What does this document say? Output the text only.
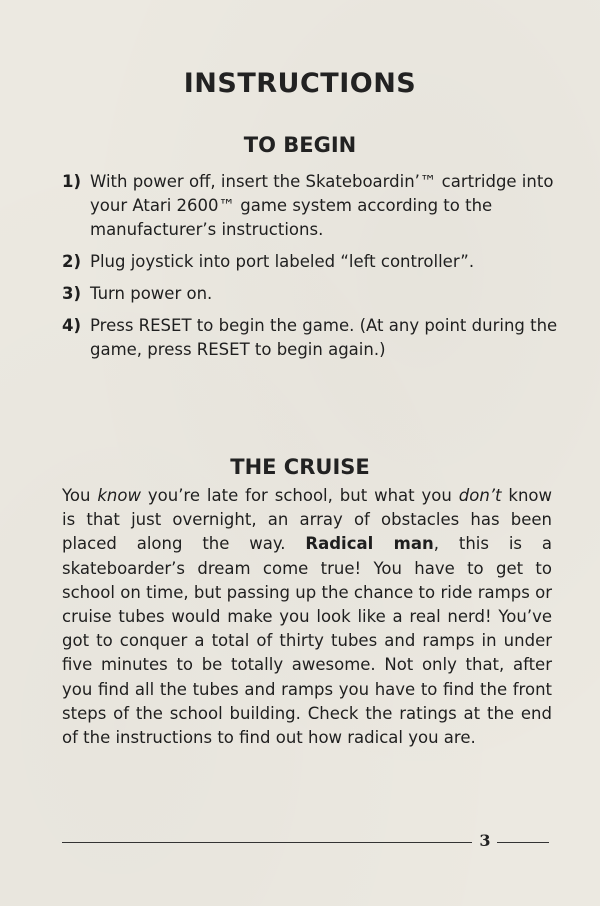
INSTRUCTIONS
TO BEGIN
1) With power off, insert the Skateboardin’™ cartridge into your Atari 2600™ game system according to the manufacturer’s instructions.
2) Plug joystick into port labeled “left controller”.
3) Turn power on.
4) Press RESET to begin the game. (At any point during the game, press RESET to begin again.)
THE CRUISE

You know you’re late for school, but what you don’t know is that just overnight, an array of obstacles has been placed along the way. Radical man, this is a skateboarder’s dream come true! You have to get to school on time, but passing up the chance to ride ramps or cruise tubes would make you look like a real nerd! You’ve got to conquer a total of thirty tubes and ramps in under five minutes to be totally awesome. Not only that, after you find all the tubes and ramps you have to find the front steps of the school building. Check the ratings at the end of the instructions to find out how radical you are.

3
